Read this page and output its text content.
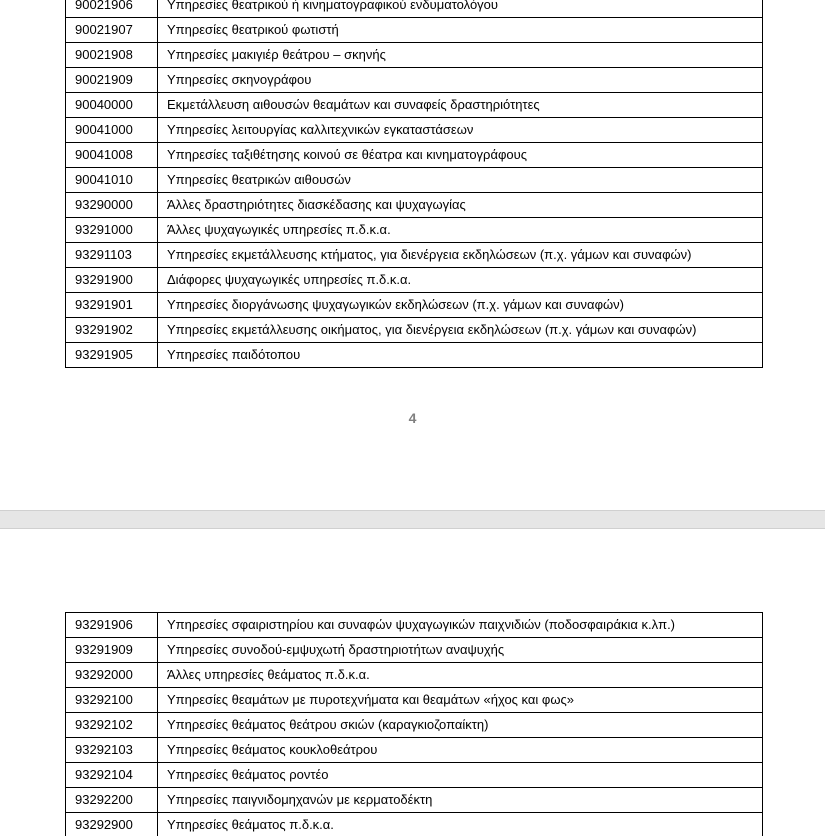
90021906	Υπηρεσίες θεατρικού ή κινηματογραφικού ενδυματολόγου
90021907	Υπηρεσίες θεατρικού φωτιστή
90021908	Υπηρεσίες μακιγιέρ θεάτρου – σκηνής
90021909	Υπηρεσίες σκηνογράφου
90040000	Εκμετάλλευση αιθουσών θεαμάτων και συναφείς δραστηριότητες
90041000	Υπηρεσίες λειτουργίας καλλιτεχνικών εγκαταστάσεων
90041008	Υπηρεσίες ταξιθέτησης κοινού σε θέατρα και κινηματογράφους
90041010	Υπηρεσίες θεατρικών αιθουσών
93290000	Άλλες δραστηριότητες διασκέδασης και ψυχαγωγίας
93291000	Άλλες ψυχαγωγικές υπηρεσίες π.δ.κ.α.
93291103	Υπηρεσίες εκμετάλλευσης κτήματος, για διενέργεια εκδηλώσεων (π.χ. γάμων και συναφών)
93291900	Διάφορες ψυχαγωγικές υπηρεσίες π.δ.κ.α.
93291901	Υπηρεσίες διοργάνωσης ψυχαγωγικών εκδηλώσεων (π.χ. γάμων και συναφών)
93291902	Υπηρεσίες εκμετάλλευσης οικήματος, για διενέργεια εκδηλώσεων (π.χ. γάμων και συναφών)
93291905	Υπηρεσίες παιδότοπου
4
93291906	Υπηρεσίες σφαιριστηρίου και συναφών ψυχαγωγικών παιχνιδιών (ποδοσφαιράκια κ.λπ.)
93291909	Υπηρεσίες συνοδού-εμψυχωτή δραστηριοτήτων αναψυχής
93292000	Άλλες υπηρεσίες θεάματος π.δ.κ.α.
93292100	Υπηρεσίες θεαμάτων με πυροτεχνήματα και θεαμάτων «ήχος και φως»
93292102	Υπηρεσίες θεάματος θεάτρου σκιών (καραγκιοζοπαίκτη)
93292103	Υπηρεσίες θεάματος κουκλοθεάτρου
93292104	Υπηρεσίες θεάματος ροντέο
93292200	Υπηρεσίες παιγνιδομηχανών με κερματοδέκτη
93292900	Υπηρεσίες θεάματος π.δ.κ.α.
